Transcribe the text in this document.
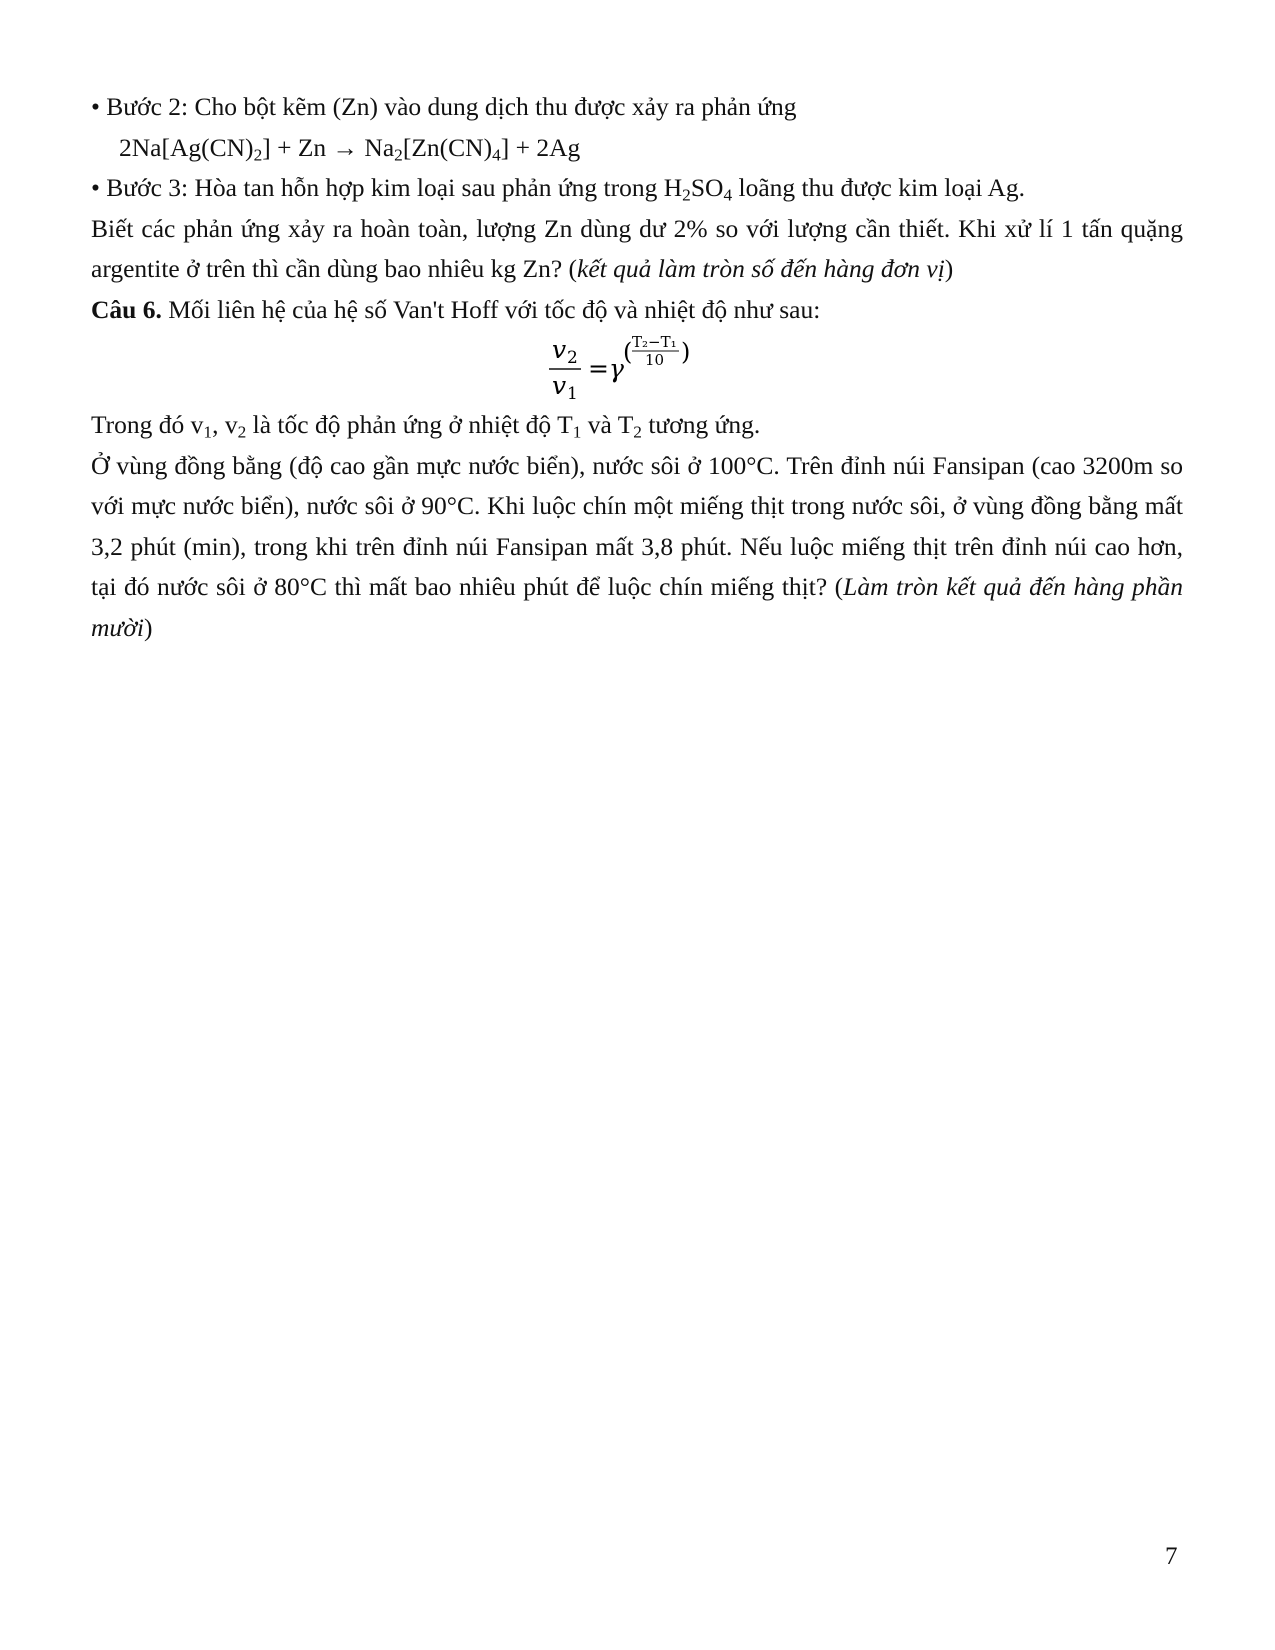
• Bước 2: Cho bột kẽm (Zn) vào dung dịch thu được xảy ra phản ứng
$2Na[Ag(CN)_2] + Zn \to Na_2[Zn(CN)_4] + 2Ag$
• Bước 3: Hòa tan hỗn hợp kim loại sau phản ứng trong $H_2SO_4$ loãng thu được kim loại Ag.
Biết các phản ứng xảy ra hoàn toàn, lượng Zn dùng dư 2% so với lượng cần thiết. Khi xử lí 1 tấn quặng argentite ở trên thì cần dùng bao nhiêu kg Zn? (kết quả làm tròn số đến hàng đơn vị)
Câu 6. Mối liên hệ của hệ số Van't Hoff với tốc độ và nhiệt độ như sau:
v 2
v 1
= γ
( T₂−T₁
10 )
Trong đó $v_1$, $v_2$ là tốc độ phản ứng ở nhiệt độ $T_1$ và $T_2$ tương ứng.
Ở vùng đồng bằng (độ cao gần mực nước biển), nước sôi ở 100°C. Trên đỉnh núi Fansipan (cao 3200m so với mực nước biển), nước sôi ở 90°C. Khi luộc chín một miếng thịt trong nước sôi, ở vùng đồng bằng mất 3,2 phút (min), trong khi trên đỉnh núi Fansipan mất 3,8 phút. Nếu luộc miếng thịt trên đỉnh núi cao hơn, tại đó nước sôi ở 80°C thì mất bao nhiêu phút để luộc chín miếng thịt? (Làm tròn kết quả đến hàng phần mười)
7
